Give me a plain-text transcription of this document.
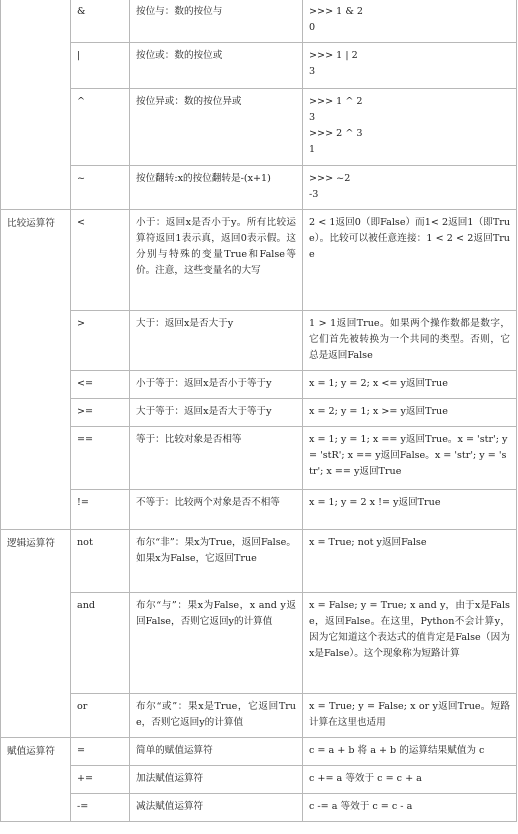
	&	按位与：数的按位与	>>> 1 & 2
0

	|	按位或：数的按位或	>>> 1 | 2
3

	^	按位异或：数的按位异或	>>> 1 ^ 2
3
>>> 2 ^ 3
1

	~	按位翻转:x的按位翻转是-(x+1)	>>> ~2
-3

比较运算符	<	小于：返回x是否小于y。所有比较运算符返回1表示真，返回0表示假。这分别与特殊的变量True和False等价。注意，这些变量名的大写	2 < 1返回0（即False）而1< 2返回1（即True）。比较可以被任意连接：1 < 2 < 2返回True
	>	大于：返回x是否大于y	1 > 1返回True。如果两个操作数都是数字，它们首先被转换为一个共同的类型。否则，它总是返回False
	<=	小于等于：返回x是否小于等于y	x = 1; y = 2; x <= y返回True
	>=	大于等于：返回x是否大于等于y	x = 2; y = 1; x >= y返回True
	==	等于：比较对象是否相等	x = 1; y = 1; x == y返回True。x = 'str'; y = 'stR'; x == y返回False。x = 'str'; y = 'str'; x == y返回True
	!=	不等于：比较两个对象是否不相等	x = 1; y = 2 x != y返回True
逻辑运算符	not	布尔“非”：果x为True，返回False。如果x为False，它返回True	x = True; not y返回False
	and	布尔“与”：果x为False，x and y返回False，否则它返回y的计算值	x = False; y = True; x and y，由于x是False，返回False。在这里，Python不会计算y，因为它知道这个表达式的值肯定是False（因为x是False）。这个现象称为短路计算
	or	布尔“或”：果x是True，它返回True，否则它返回y的计算值	x = True; y = False; x or y返回True。短路计算在这里也适用
赋值运算符	=	简单的赋值运算符	c = a + b 将 a + b 的运算结果赋值为 c
	+=	加法赋值运算符	c += a 等效于 c = c + a
	-=	减法赋值运算符	c -= a 等效于 c = c - a
